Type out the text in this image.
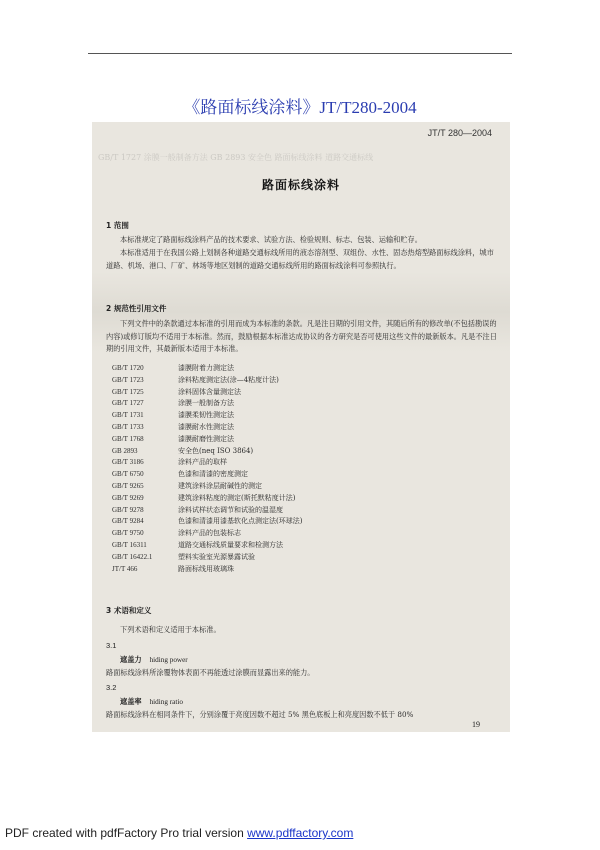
《路面标线涂料》JT/T280-2004
JT/T 280—2004
GB/T 1727 涂膜一般制备方法 GB 2893 安全色 路面标线涂料 道路交通标线
路面标线涂料
1 范围
本标准规定了路面标线涂料产品的技术要求、试验方法、检验规则、标志、包装、运输和贮存。
本标准适用于在我国公路上划制各种道路交通标线所用的液态溶剂型、双组份、水性、固态热熔型路面标线涂料，城市道路、机场、港口、厂矿、林场等地区划制的道路交通标线所用的路面标线涂料可参照执行。
2 规范性引用文件
下列文件中的条款通过本标准的引用而成为本标准的条款。凡是注日期的引用文件，其随后所有的修改单(不包括勘误的内容)或修订版均不适用于本标准。然而，鼓励根据本标准达成协议的各方研究是否可使用这些文件的最新版本。凡是不注日期的引用文件，其最新版本适用于本标准。
GB/T 1720	漆膜附着力测定法
GB/T 1723	涂料粘度测定法(涂—4粘度计法)
GB/T 1725	涂料固体含量测定法
GB/T 1727	涂膜一般制备方法
GB/T 1731	漆膜柔韧性测定法
GB/T 1733	漆膜耐水性测定法
GB/T 1768	漆膜耐磨性测定法
GB 2893	安全色(neq ISO 3864)
GB/T 3186	涂料产品的取样
GB/T 6750	色漆和清漆的密度测定
GB/T 9265	建筑涂料涂层耐碱性的测定
GB/T 9269	建筑涂料粘度的测定(斯托默粘度计法)
GB/T 9278	涂料试样状态调节和试验的温湿度
GB/T 9284	色漆和清漆用漆基软化点测定法(环球法)
GB/T 9750	涂料产品的包装标志
GB/T 16311	道路交通标线质量要求和检测方法
GB/T 16422.1	塑料实验室光源暴露试验
JT/T 466	路面标线用玻璃珠
3 术语和定义
下列术语和定义适用于本标准。
3.1
遮盖力 hiding power
路面标线涂料所涂覆物体表面不再能透过涂膜而显露出来的能力。
3.2
遮盖率 hiding ratio
路面标线涂料在相同条件下，分别涂覆于亮度因数不超过 5% 黑色底板上和亮度因数不低于 80%
19
PDF created with pdfFactory Pro trial version www.pdffactory.com
